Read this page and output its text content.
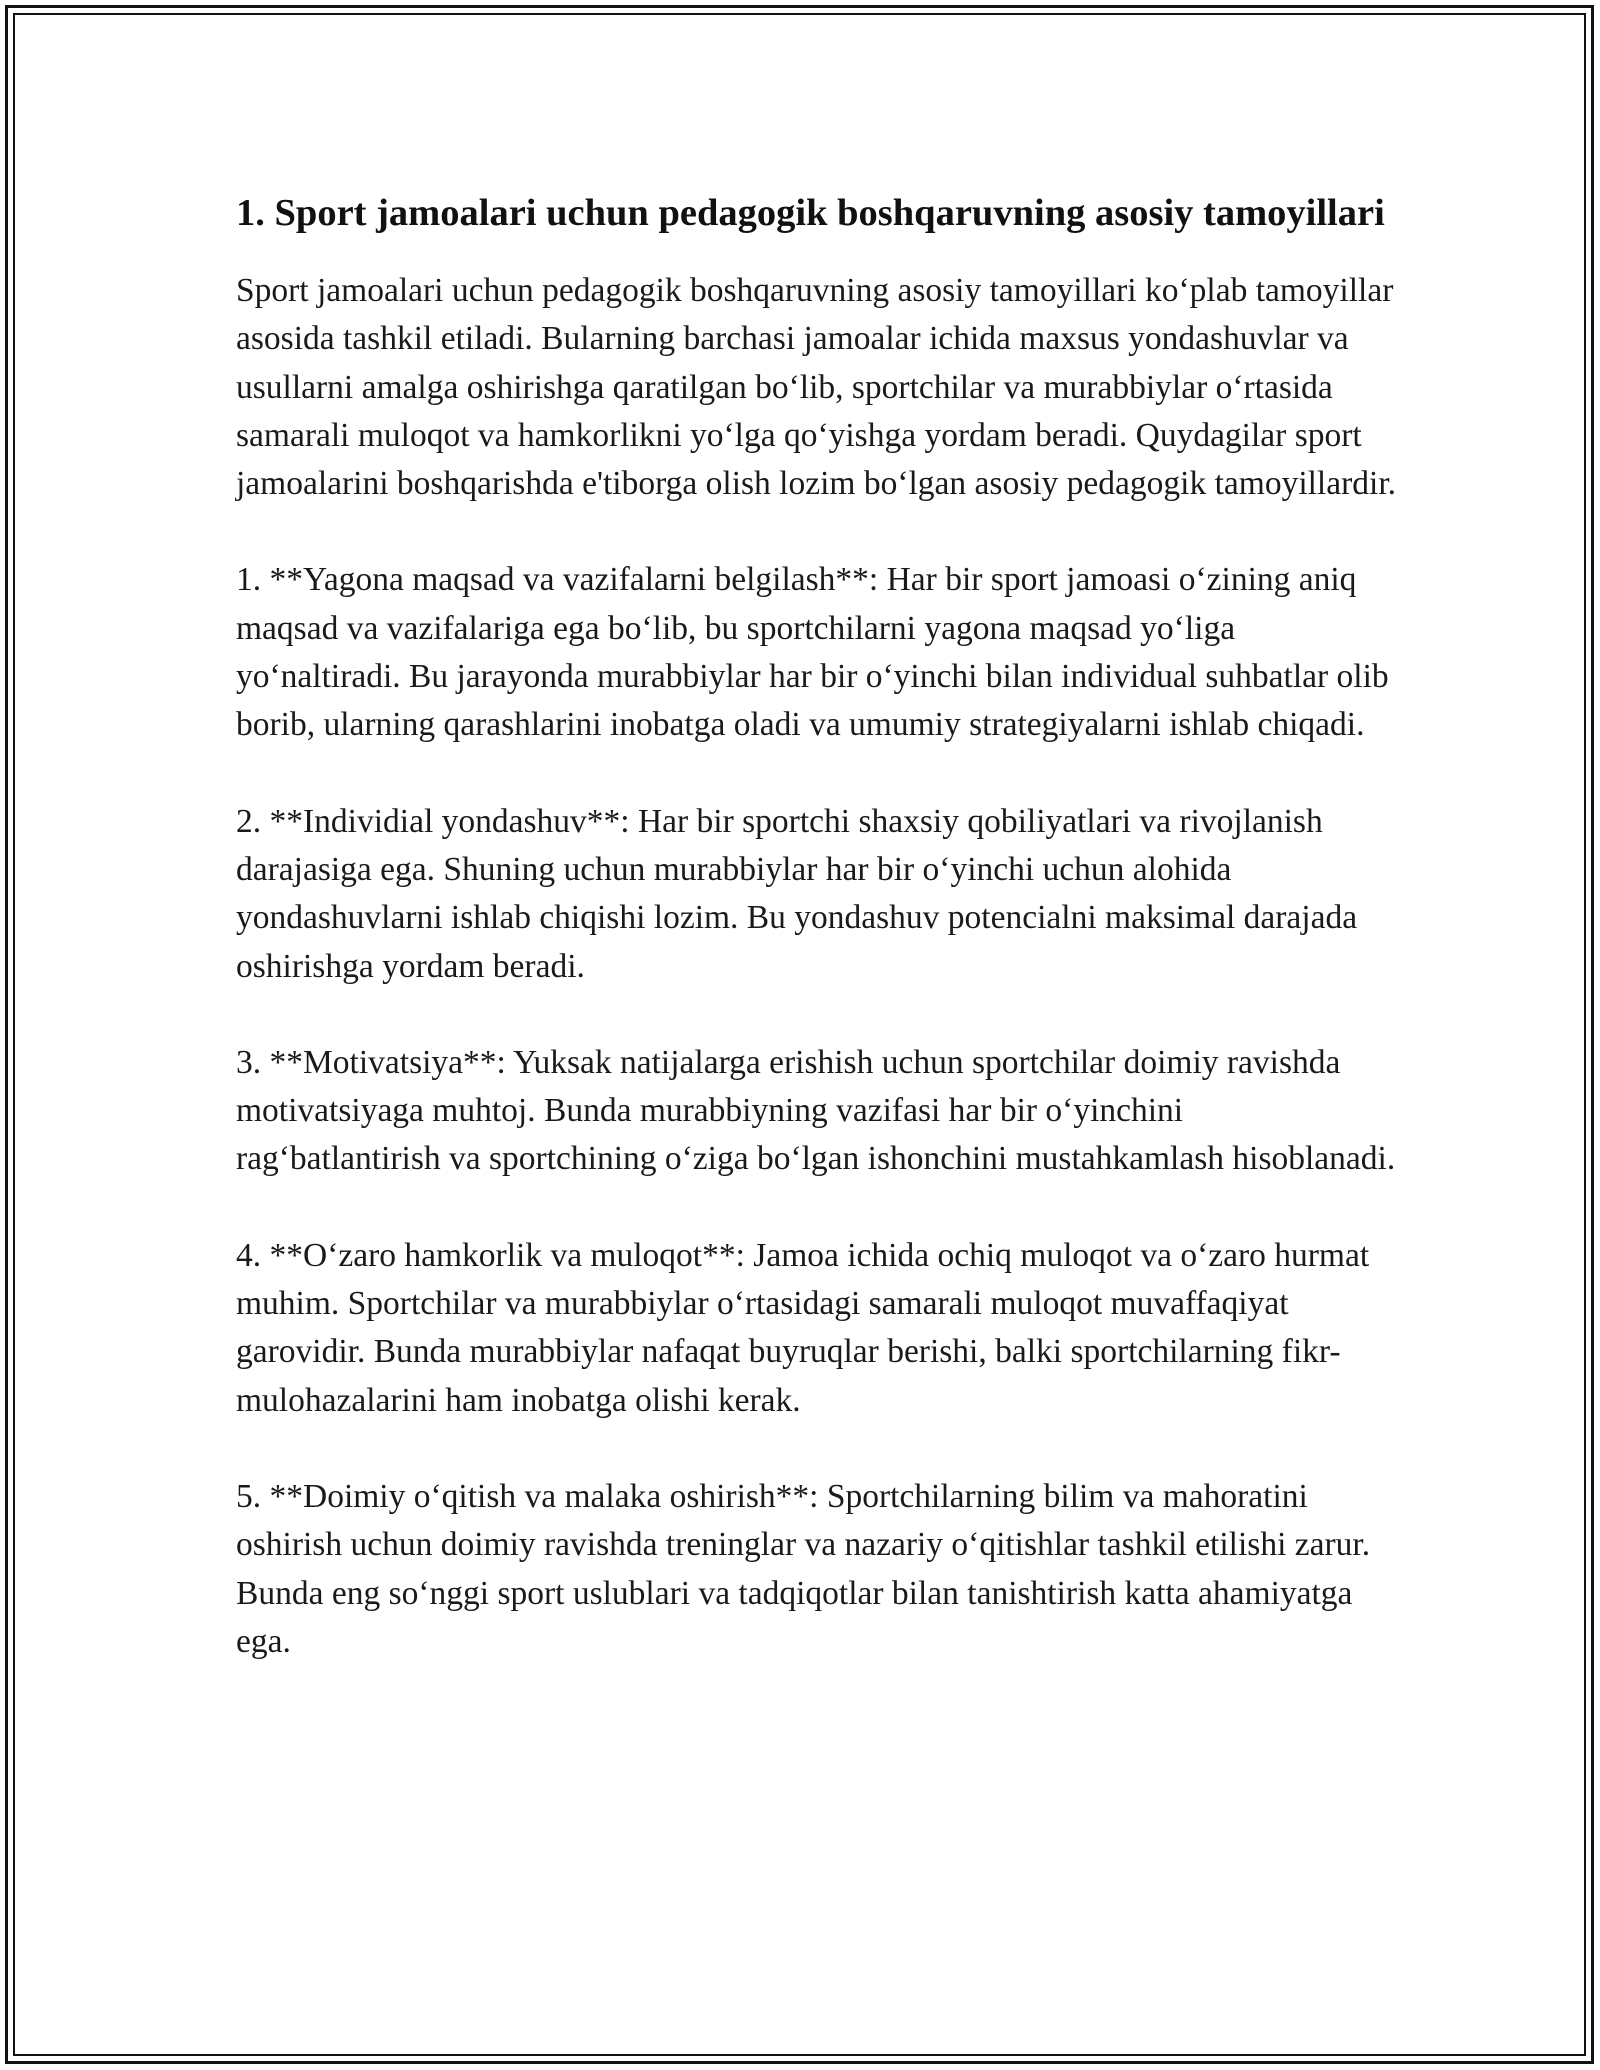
1. Sport jamoalari uchun pedagogik boshqaruvning asosiy tamoyillari

Sport jamoalari uchun pedagogik boshqaruvning asosiy tamoyillari ko‘plab tamoyillar asosida tashkil etiladi. Bularning barchasi jamoalar ichida maxsus yondashuvlar va usullarni amalga oshirishga qaratilgan bo‘lib, sportchilar va murabbiylar o‘rtasida samarali muloqot va hamkorlikni yo‘lga qo‘yishga yordam beradi. Quydagilar sport jamoalarini boshqarishda e'tiborga olish lozim bo‘lgan asosiy pedagogik tamoyillardir.

1. **Yagona maqsad va vazifalarni belgilash**: Har bir sport jamoasi o‘zining aniq maqsad va vazifalariga ega bo‘lib, bu sportchilarni yagona maqsad yo‘liga yo‘naltiradi. Bu jarayonda murabbiylar har bir o‘yinchi bilan individual suhbatlar olib borib, ularning qarashlarini inobatga oladi va umumiy strategiyalarni ishlab chiqadi.

2. **Individial yondashuv**: Har bir sportchi shaxsiy qobiliyatlari va rivojlanish darajasiga ega. Shuning uchun murabbiylar har bir o‘yinchi uchun alohida yondashuvlarni ishlab chiqishi lozim. Bu yondashuv potencialni maksimal darajada oshirishga yordam beradi.

3. **Motivatsiya**: Yuksak natijalarga erishish uchun sportchilar doimiy ravishda motivatsiyaga muhtoj. Bunda murabbiyning vazifasi har bir o‘yinchini rag‘batlantirish va sportchining o‘ziga bo‘lgan ishonchini mustahkamlash hisoblanadi.

4. **O‘zaro hamkorlik va muloqot**: Jamoa ichida ochiq muloqot va o‘zaro hurmat muhim. Sportchilar va murabbiylar o‘rtasidagi samarali muloqot muvaffaqiyat garovidir. Bunda murabbiylar nafaqat buyruqlar berishi, balki sportchilarning fikr-mulohazalarini ham inobatga olishi kerak.

5. **Doimiy o‘qitish va malaka oshirish**: Sportchilarning bilim va mahoratini oshirish uchun doimiy ravishda treninglar va nazariy o‘qitishlar tashkil etilishi zarur. Bunda eng so‘nggi sport uslublari va tadqiqotlar bilan tanishtirish katta ahamiyatga ega.
